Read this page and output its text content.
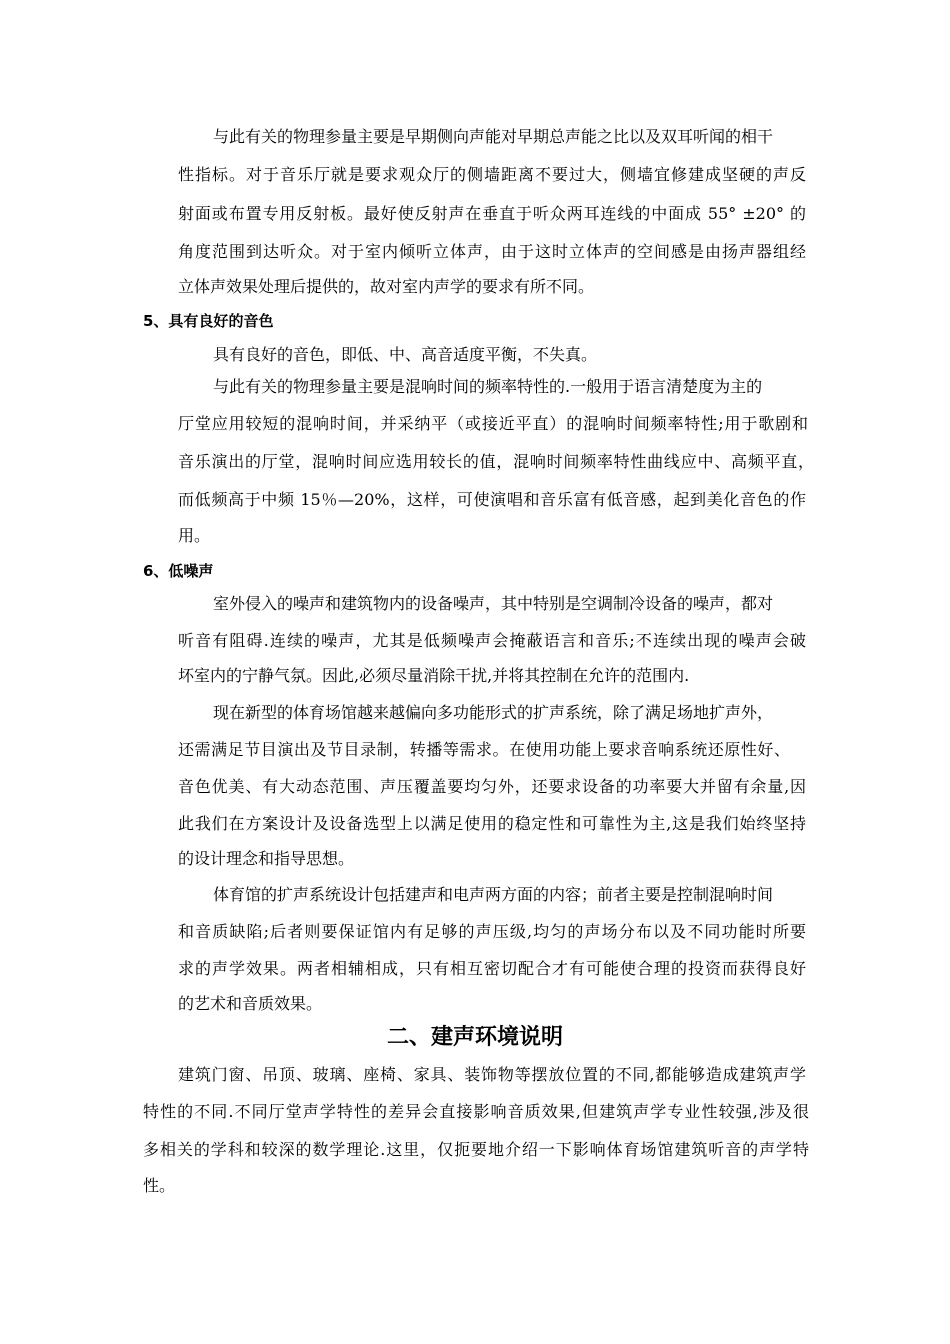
与此有关的物理参量主要是早期侧向声能对早期总声能之比以及双耳听闻的相干
性指标。对于音乐厅就是要求观众厅的侧墙距离不要过大，侧墙宜修建成坚硬的声反
射面或布置专用反射板。最好使反射声在垂直于听众两耳连线的中面成 55° ±20° 的
角度范围到达听众。对于室内倾听立体声，由于这时立体声的空间感是由扬声器组经
立体声效果处理后提供的，故对室内声学的要求有所不同。
5、具有良好的音色
具有良好的音色，即低、中、高音适度平衡，不失真。
与此有关的物理参量主要是混响时间的频率特性的.一般用于语言清楚度为主的
厅堂应用较短的混响时间，并采纳平（或接近平直）的混响时间频率特性;用于歌剧和
音乐演出的厅堂，混响时间应选用较长的值，混响时间频率特性曲线应中、高频平直，
而低频高于中频 15％—20%，这样，可使演唱和音乐富有低音感，起到美化音色的作
用。
6、低噪声
室外侵入的噪声和建筑物内的设备噪声，其中特别是空调制冷设备的噪声，都对
听音有阻碍.连续的噪声，尤其是低频噪声会掩蔽语言和音乐;不连续出现的噪声会破
坏室内的宁静气氛。因此,必须尽量消除干扰,并将其控制在允许的范围内.
现在新型的体育场馆越来越偏向多功能形式的扩声系统，除了满足场地扩声外，
还需满足节目演出及节目录制，转播等需求。在使用功能上要求音响系统还原性好、
音色优美、有大动态范围、声压覆盖要均匀外，还要求设备的功率要大并留有余量,因
此我们在方案设计及设备选型上以满足使用的稳定性和可靠性为主,这是我们始终坚持
的设计理念和指导思想。
体育馆的扩声系统设计包括建声和电声两方面的内容；前者主要是控制混响时间
和音质缺陷;后者则要保证馆内有足够的声压级,均匀的声场分布以及不同功能时所要
求的声学效果。两者相辅相成，只有相互密切配合才有可能使合理的投资而获得良好
的艺术和音质效果。
二、建声环境说明
建筑门窗、吊顶、玻璃、座椅、家具、装饰物等摆放位置的不同,都能够造成建筑声学
特性的不同.不同厅堂声学特性的差异会直接影响音质效果,但建筑声学专业性较强,涉及很
多相关的学科和较深的数学理论.这里，仅扼要地介绍一下影响体育场馆建筑听音的声学特
性。
